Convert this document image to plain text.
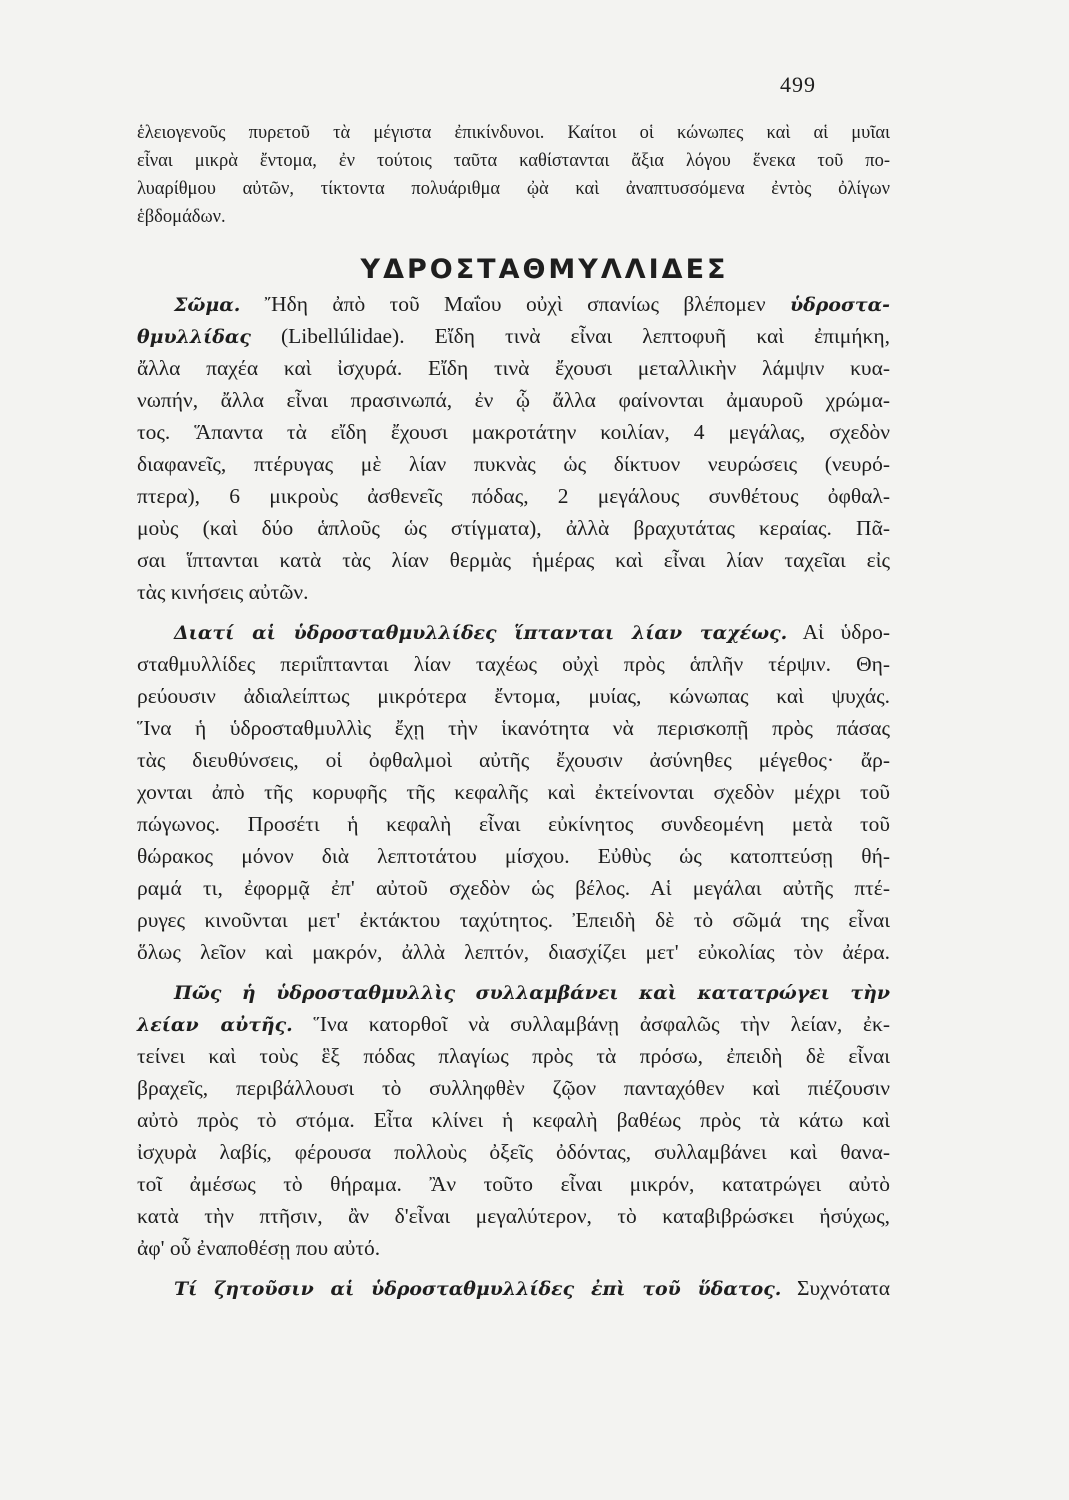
499
ἑλειογενοῦς πυρετοῦ τὰ μέγιστα ἐπικίνδυνοι. Καίτοι οἱ κώνωπες καὶ αἱ μυῖαι
εἶναι μικρὰ ἔντομα, ἐν τούτοις ταῦτα καθίστανται ἄξια λόγου ἕνεκα τοῦ πο-
λυαρίθμου αὐτῶν, τίκτοντα πολυάριθμα ᾠὰ καὶ ἀναπτυσσόμενα ἐντὸς ὀλίγων
ἑβδομάδων.
ΥΔΡΟΣΤΑΘΜΥΛΛΙΔΕΣ
Σῶμα. Ἤδη ἀπὸ τοῦ Μαΐου οὐχὶ σπανίως βλέπομεν ὑδροστα-
θμυλλίδας (Libellúlidae). Εἴδη τινὰ εἶναι λεπτοφυῆ καὶ ἐπιμήκη,
ἄλλα παχέα καὶ ἰσχυρά. Εἴδη τινὰ ἔχουσι μεταλλικὴν λάμψιν κυα-
νωπήν, ἄλλα εἶναι πρασινωπά, ἐν ᾧ ἄλλα φαίνονται ἀμαυροῦ χρώμα-
τος. Ἅπαντα τὰ εἴδη ἔχουσι μακροτάτην κοιλίαν, 4 μεγάλας, σχεδὸν
διαφανεῖς, πτέρυγας μὲ λίαν πυκνὰς ὡς δίκτυον νευρώσεις (νευρό-
πτερα), 6 μικροὺς ἀσθενεῖς πόδας, 2 μεγάλους συνθέτους ὀφθαλ-
μοὺς (καὶ δύο ἁπλοῦς ὡς στίγματα), ἀλλὰ βραχυτάτας κεραίας. Πᾶ-
σαι ἵπτανται κατὰ τὰς λίαν θερμὰς ἡμέρας καὶ εἶναι λίαν ταχεῖαι εἰς
τὰς κινήσεις αὐτῶν.
Διατί αἱ ὑδροσταθμυλλίδες ἵπτανται λίαν ταχέως. Αἱ ὑδρο-
σταθμυλλίδες περιΐπτανται λίαν ταχέως οὐχὶ πρὸς ἁπλῆν τέρψιν. Θη-
ρεύουσιν ἀδιαλείπτως μικρότερα ἔντομα, μυίας, κώνωπας καὶ ψυχάς.
Ἵνα ἡ ὑδροσταθμυλλὶς ἔχῃ τὴν ἱκανότητα νὰ περισκοπῇ πρὸς πάσας
τὰς διευθύνσεις, οἱ ὀφθαλμοὶ αὐτῆς ἔχουσιν ἀσύνηθες μέγεθος· ἄρ-
χονται ἀπὸ τῆς κορυφῆς τῆς κεφαλῆς καὶ ἐκτείνονται σχεδὸν μέχρι τοῦ
πώγωνος. Προσέτι ἡ κεφαλὴ εἶναι εὐκίνητος συνδεομένη μετὰ τοῦ
θώρακος μόνον διὰ λεπτοτάτου μίσχου. Εὐθὺς ὡς κατοπτεύσῃ θή-
ραμά τι, ἐφορμᾷ ἐπ' αὐτοῦ σχεδὸν ὡς βέλος. Αἱ μεγάλαι αὐτῆς πτέ-
ρυγες κινοῦνται μετ' ἐκτάκτου ταχύτητος. Ἐπειδὴ δὲ τὸ σῶμά της εἶναι
ὅλως λεῖον καὶ μακρόν, ἀλλὰ λεπτόν, διασχίζει μετ' εὐκολίας τὸν ἀέρα.
Πῶς ἡ ὑδροσταθμυλλὶς συλλαμβάνει καὶ κατατρώγει τὴν
λείαν αὐτῆς. Ἵνα κατορθοῖ νὰ συλλαμβάνῃ ἀσφαλῶς τὴν λείαν, ἐκ-
τείνει καὶ τοὺς ἓξ πόδας πλαγίως πρὸς τὰ πρόσω, ἐπειδὴ δὲ εἶναι
βραχεῖς, περιβάλλουσι τὸ συλληφθὲν ζῷον πανταχόθεν καὶ πιέζουσιν
αὐτὸ πρὸς τὸ στόμα. Εἶτα κλίνει ἡ κεφαλὴ βαθέως πρὸς τὰ κάτω καὶ
ἰσχυρὰ λαβίς, φέρουσα πολλοὺς ὀξεῖς ὀδόντας, συλλαμβάνει καὶ θανα-
τοῖ ἀμέσως τὸ θήραμα. Ἂν τοῦτο εἶναι μικρόν, κατατρώγει αὐτὸ
κατὰ τὴν πτῆσιν, ἂν δ'εἶναι μεγαλύτερον, τὸ καταβιβρώσκει ἡσύχως,
ἀφ' οὗ ἐναποθέσῃ που αὐτό.
Τί ζητοῦσιν αἱ ὑδροσταθμυλλίδες ἐπὶ τοῦ ὕδατος. Συχνότατα
